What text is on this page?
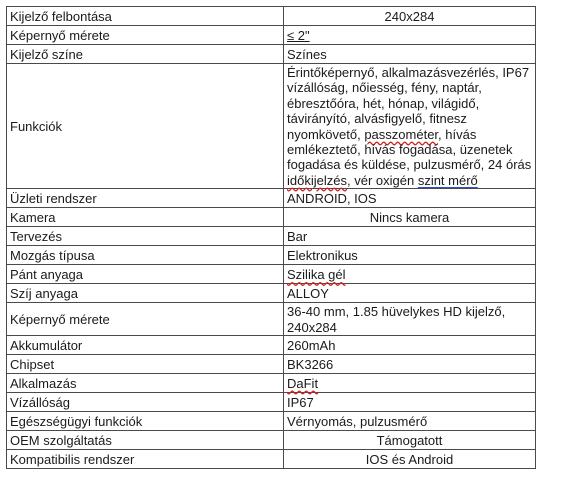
Kijelző felbontása	240x284
Képernyő mérete	≤ 2"
Kijelző színe	Színes
Funkciók	Érintőképernyő, alkalmazásvezérlés, IP67 vízállóság, nőiesség, fény, naptár, ébresztőóra, hét, hónap, világidő, távirányító, alvásfigyelő, fitnesz nyomkövető, passzométer, hívás emlékeztető, hívás fogadása, üzenetek fogadása és küldése, pulzusmérő, 24 órás időkijelzés, vér oxigén szint mérő
Üzleti rendszer	ANDROID, IOS
Kamera	Nincs kamera
Tervezés	Bar
Mozgás típusa	Elektronikus
Pánt anyaga	Szilika gél
Szíj anyaga	ALLOY
Képernyő mérete	36-40 mm, 1.85 hüvelykes HD kijelző, 240x284
Akkumulátor	260mAh
Chipset	BK3266
Alkalmazás	DaFit
Vízállóság	IP67
Egészségügyi funkciók	Vérnyomás, pulzusmérő
OEM szolgáltatás	Támogatott
Kompatibilis rendszer	IOS és Android
